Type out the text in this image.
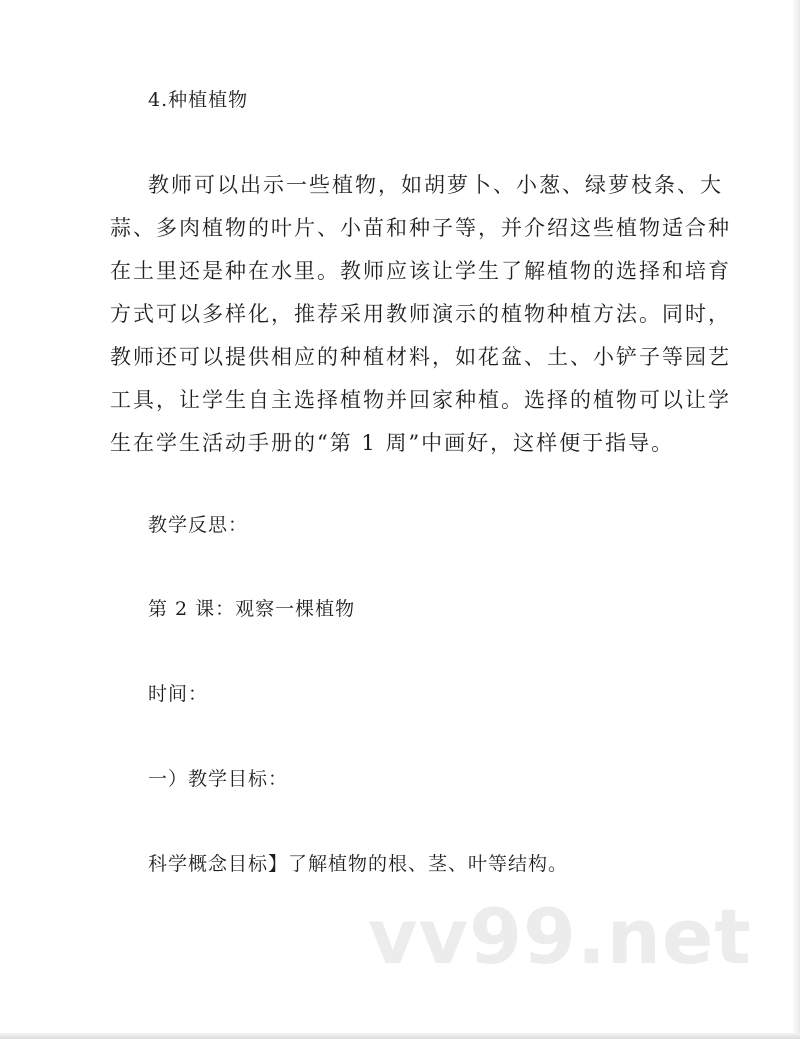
4.种植植物
教师可以出示一些植物，如胡萝卜、小葱、绿萝枝条、大
蒜、多肉植物的叶片、小苗和种子等，并介绍这些植物适合种
在土里还是种在水里。教师应该让学生了解植物的选择和培育
方式可以多样化，推荐采用教师演示的植物种植方法。同时，
教师还可以提供相应的种植材料，如花盆、土、小铲子等园艺
工具，让学生自主选择植物并回家种植。选择的植物可以让学
生在学生活动手册的“第 1 周”中画好，这样便于指导。
教学反思：
第 2 课：观察一棵植物
时间：
一）教学目标：
科学概念目标】了解植物的根、茎、叶等结构。
vv99.net
